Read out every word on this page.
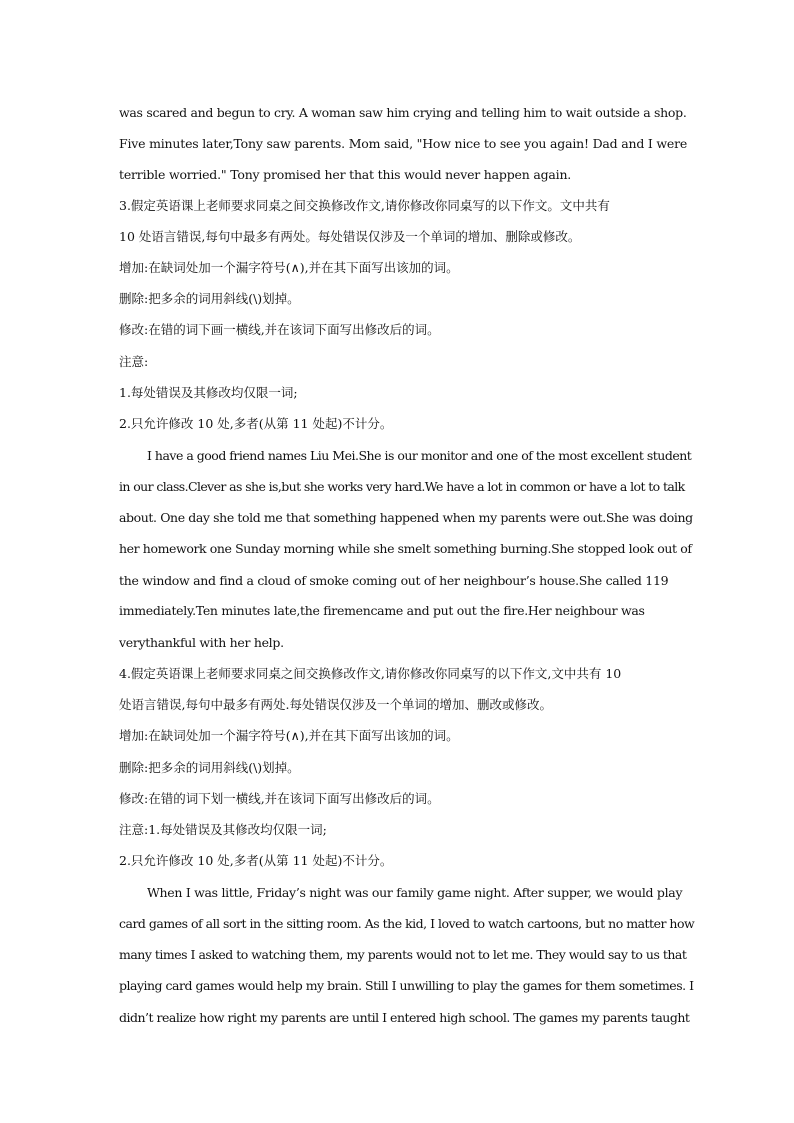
was scared and begun to cry. A woman saw him crying and telling him to wait outside a shop.
Five minutes later,Tony saw parents. Mom said, "How nice to see you again! Dad and I were
terrible worried." Tony promised her that this would never happen again.
3.假定英语课上老师要求同桌之间交换修改作文,请你修改你同桌写的以下作文。文中共有
10 处语言错误,每句中最多有两处。每处错误仅涉及一个单词的增加、删除或修改。
增加:在缺词处加一个漏字符号(∧),并在其下面写出该加的词。
删除:把多余的词用斜线(\)划掉。
修改:在错的词下画一横线,并在该词下面写出修改后的词。
注意:
1.每处错误及其修改均仅限一词;
2.只允许修改 10 处,多者(从第 11 处起)不计分。
I have a good friend names Liu Mei.She is our monitor and one of the most excellent student
in our class.Clever as she is,but she works very hard.We have a lot in common or have a lot to talk
about. One day she told me that something happened when my parents were out.She was doing
her homework one Sunday morning while she smelt something burning.She stopped look out of
the window and find a cloud of smoke coming out of her neighbour’s house.She called 119
immediately.Ten minutes late,the firemencame and put out the fire.Her neighbour was
verythankful with her help.
4.假定英语课上老师要求同桌之间交换修改作文,请你修改你同桌写的以下作文,文中共有 10
处语言错误,每句中最多有两处.每处错误仅涉及一个单词的增加、删改或修改。
增加:在缺词处加一个漏字符号(∧),并在其下面写出该加的词。
删除:把多余的词用斜线(\)划掉。
修改:在错的词下划一横线,并在该词下面写出修改后的词。
注意:1.每处错误及其修改均仅限一词;
2.只允许修改 10 处,多者(从第 11 处起)不计分。
When I was little, Friday’s night was our family game night. After supper, we would play
card games of all sort in the sitting room. As the kid, I loved to watch cartoons, but no matter how
many times I asked to watching them, my parents would not to let me. They would say to us that
playing card games would help my brain. Still I unwilling to play the games for them sometimes. I
didn’t realize how right my parents are until I entered high school. The games my parents taught
